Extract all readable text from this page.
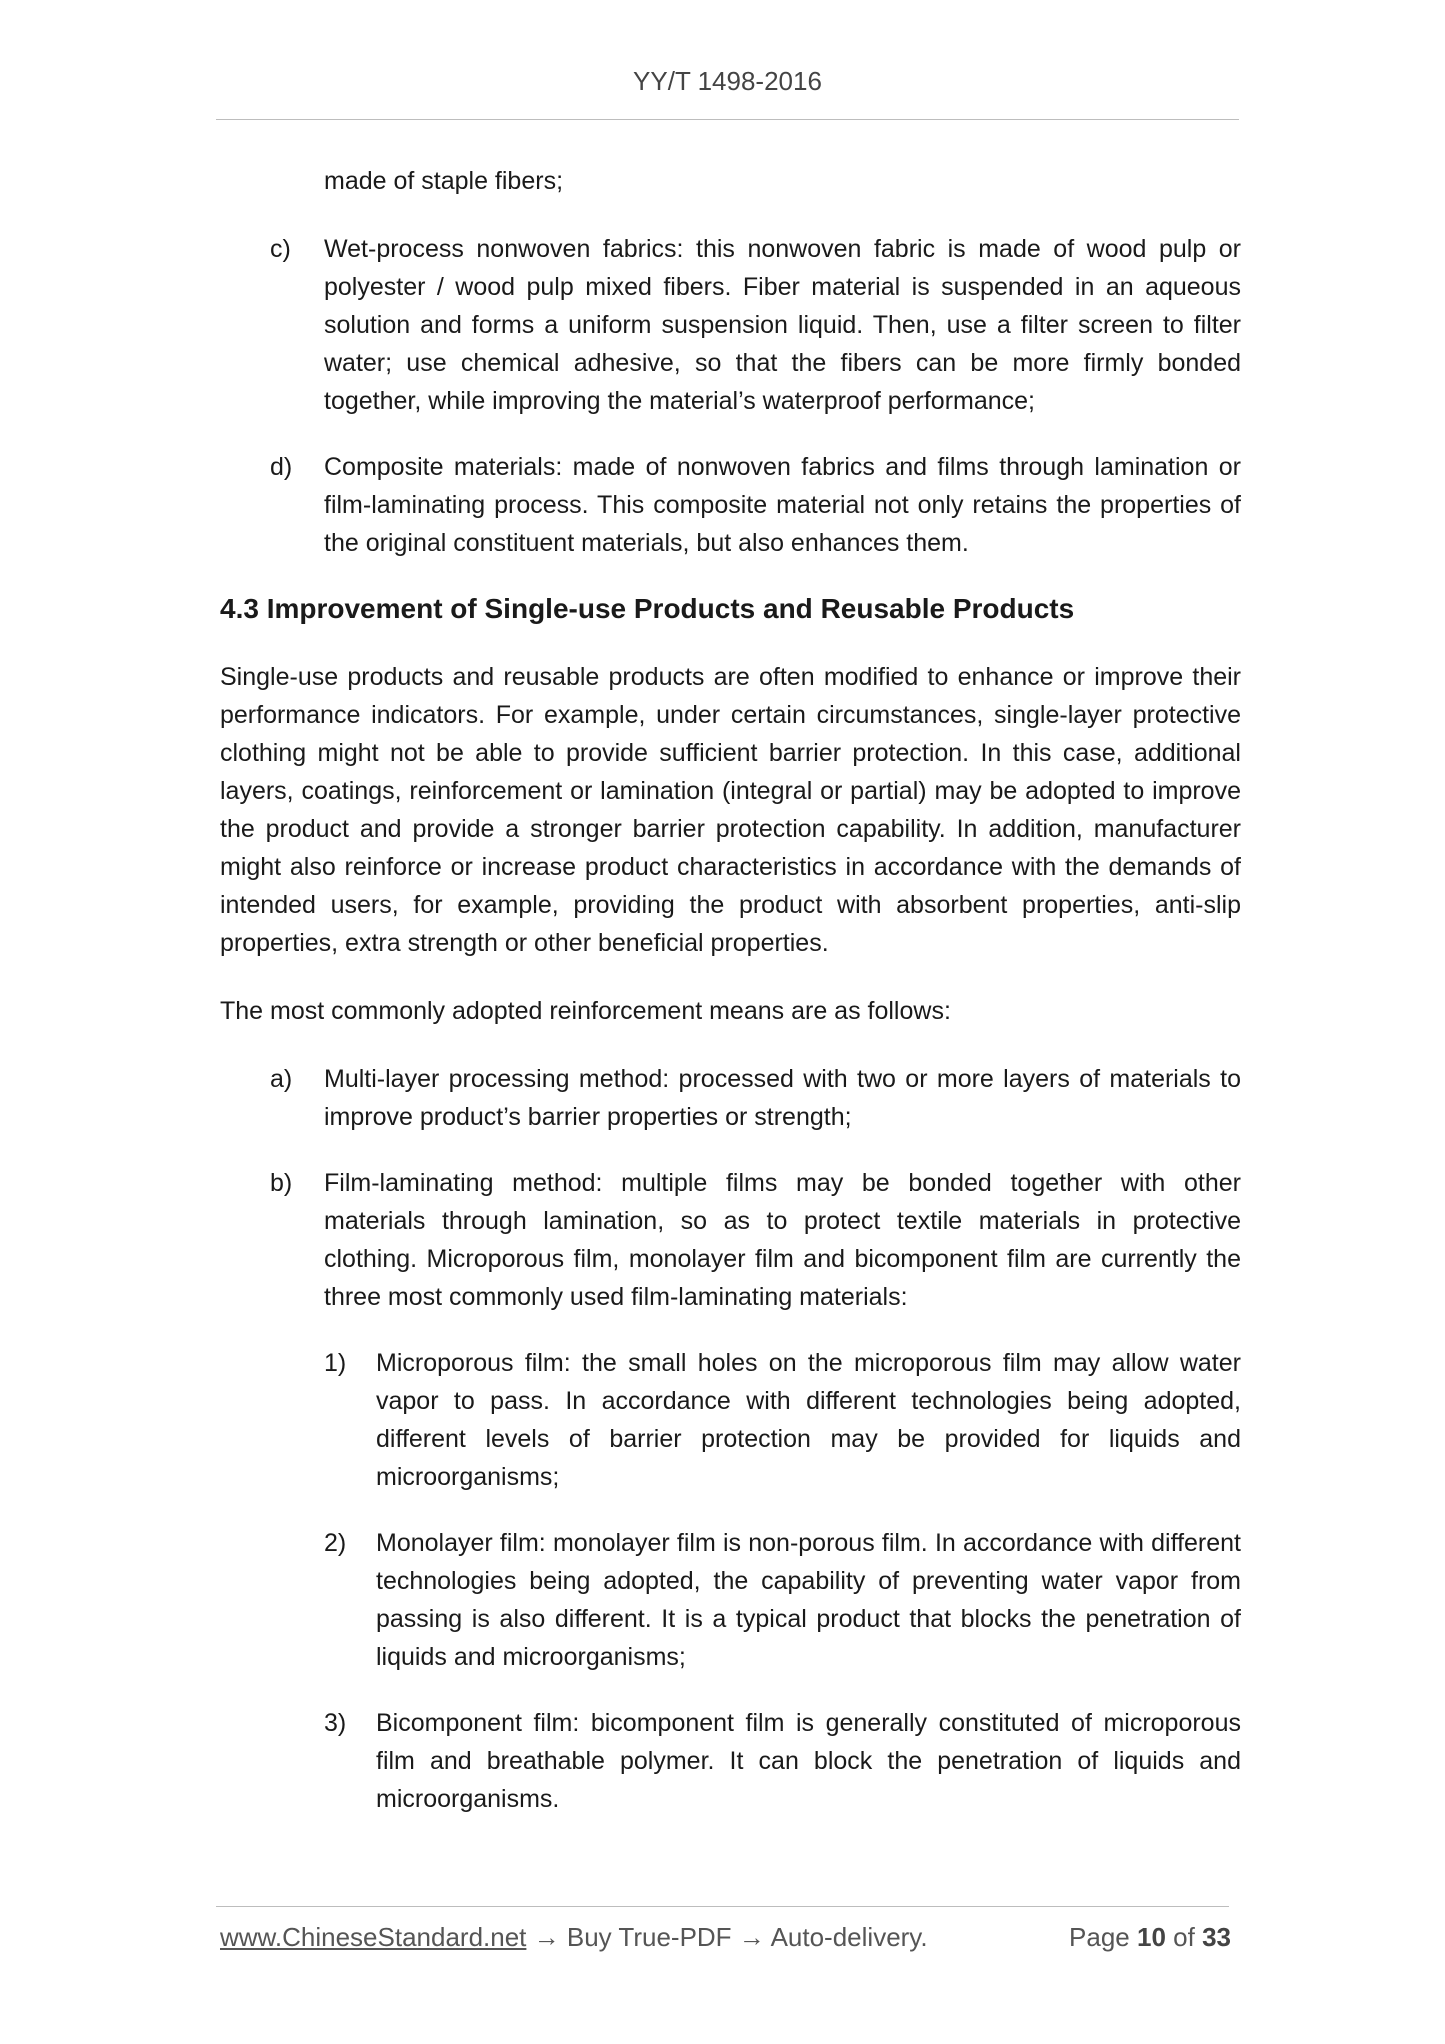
YY/T 1498-2016

made of staple fibers;

c) Wet-process nonwoven fabrics: this nonwoven fabric is made of wood pulp or polyester / wood pulp mixed fibers. Fiber material is suspended in an aqueous solution and forms a uniform suspension liquid. Then, use a filter screen to filter water; use chemical adhesive, so that the fibers can be more firmly bonded together, while improving the material’s waterproof performance;
d) Composite materials: made of nonwoven fabrics and films through lamination or film-laminating process. This composite material not only retains the properties of the original constituent materials, but also enhances them.
4.3 Improvement of Single-use Products and Reusable Products

Single-use products and reusable products are often modified to enhance or improve their performance indicators. For example, under certain circumstances, single-layer protective clothing might not be able to provide sufficient barrier protection. In this case, additional layers, coatings, reinforcement or lamination (integral or partial) may be adopted to improve the product and provide a stronger barrier protection capability. In addition, manufacturer might also reinforce or increase product characteristics in accordance with the demands of intended users, for example, providing the product with absorbent properties, anti-slip properties, extra strength or other beneficial properties.

The most commonly adopted reinforcement means are as follows:

a) Multi-layer processing method: processed with two or more layers of materials to improve product’s barrier properties or strength;
b) Film-laminating method: multiple films may be bonded together with other materials through lamination, so as to protect textile materials in protective clothing. Microporous film, monolayer film and bicomponent film are currently the three most commonly used film-laminating materials:
1) Microporous film: the small holes on the microporous film may allow water vapor to pass. In accordance with different technologies being adopted, different levels of barrier protection may be provided for liquids and microorganisms;
2) Monolayer film: monolayer film is non-porous film. In accordance with different technologies being adopted, the capability of preventing water vapor from passing is also different. It is a typical product that blocks the penetration of liquids and microorganisms;
3) Bicomponent film: bicomponent film is generally constituted of microporous film and breathable polymer. It can block the penetration of liquids and microorganisms.
www.ChineseStandard.net → Buy True-PDF → Auto-delivery.	Page 10 of 33
